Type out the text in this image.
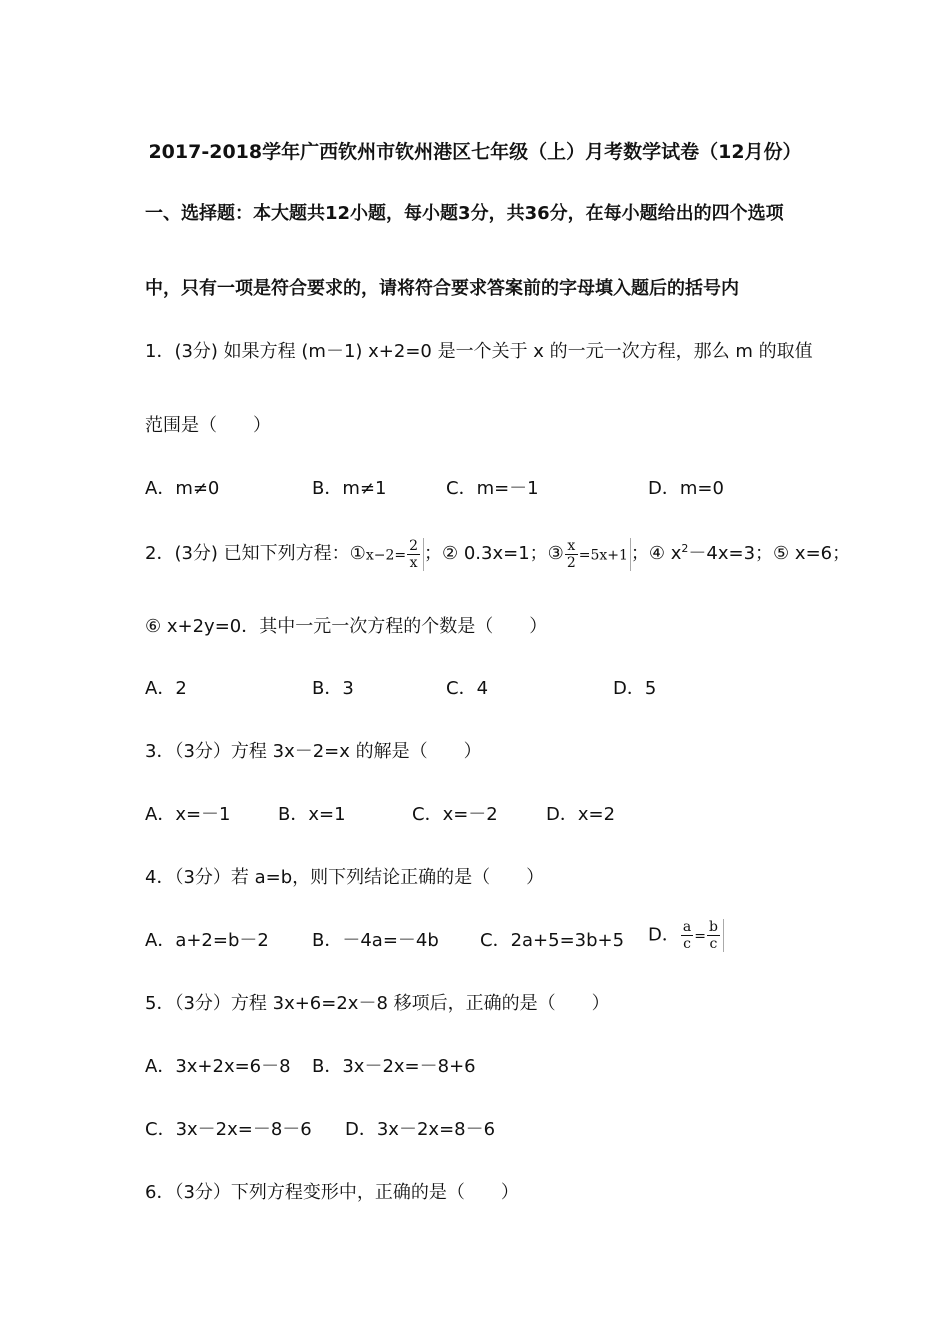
2017-2018学年广西钦州市钦州港区七年级（上）月考数学试卷（12月份）
一、选择题：本大题共12小题，每小题3分，共36分，在每小题给出的四个选项
中，只有一项是符合要求的，请将符合要求答案前的字母填入题后的括号内
1．(3分) 如果方程 (m－1) x+2=0 是一个关于 x 的一元一次方程，那么 m 的取值
范围是（　　）
A．m≠0	B．m≠1	C．m=－1	D．m=0
2．(3分) 已知下列方程：①x−2= $\frac{2}{x}$ ；② 0.3x=1；③ $\frac{x}{2} =5x+1$ ；④ $x^2-4x=3$；⑤ x=6；
⑥ x+2y=0．其中一元一次方程的个数是（　　）
A．2	B．3	C．4	D．5
3．（3分）方程 3x－2=x 的解是（　　）
A．x=－1	B．x=1	C．x=－2	D．x=2
4．（3分）若 a=b，则下列结论正确的是（　　）
A．a+2=b－2 B．－4a=－4b C．2a+5=3b+5 D． $\frac{a}{c} = \frac{b}{c}$
5．（3分）方程 3x+6=2x－8 移项后，正确的是（　　）
A．3x+2x=6－8 B．3x－2x=－8+6
C．3x－2x=－8－6 D．3x－2x=8－6
6．（3分）下列方程变形中，正确的是（　　）
